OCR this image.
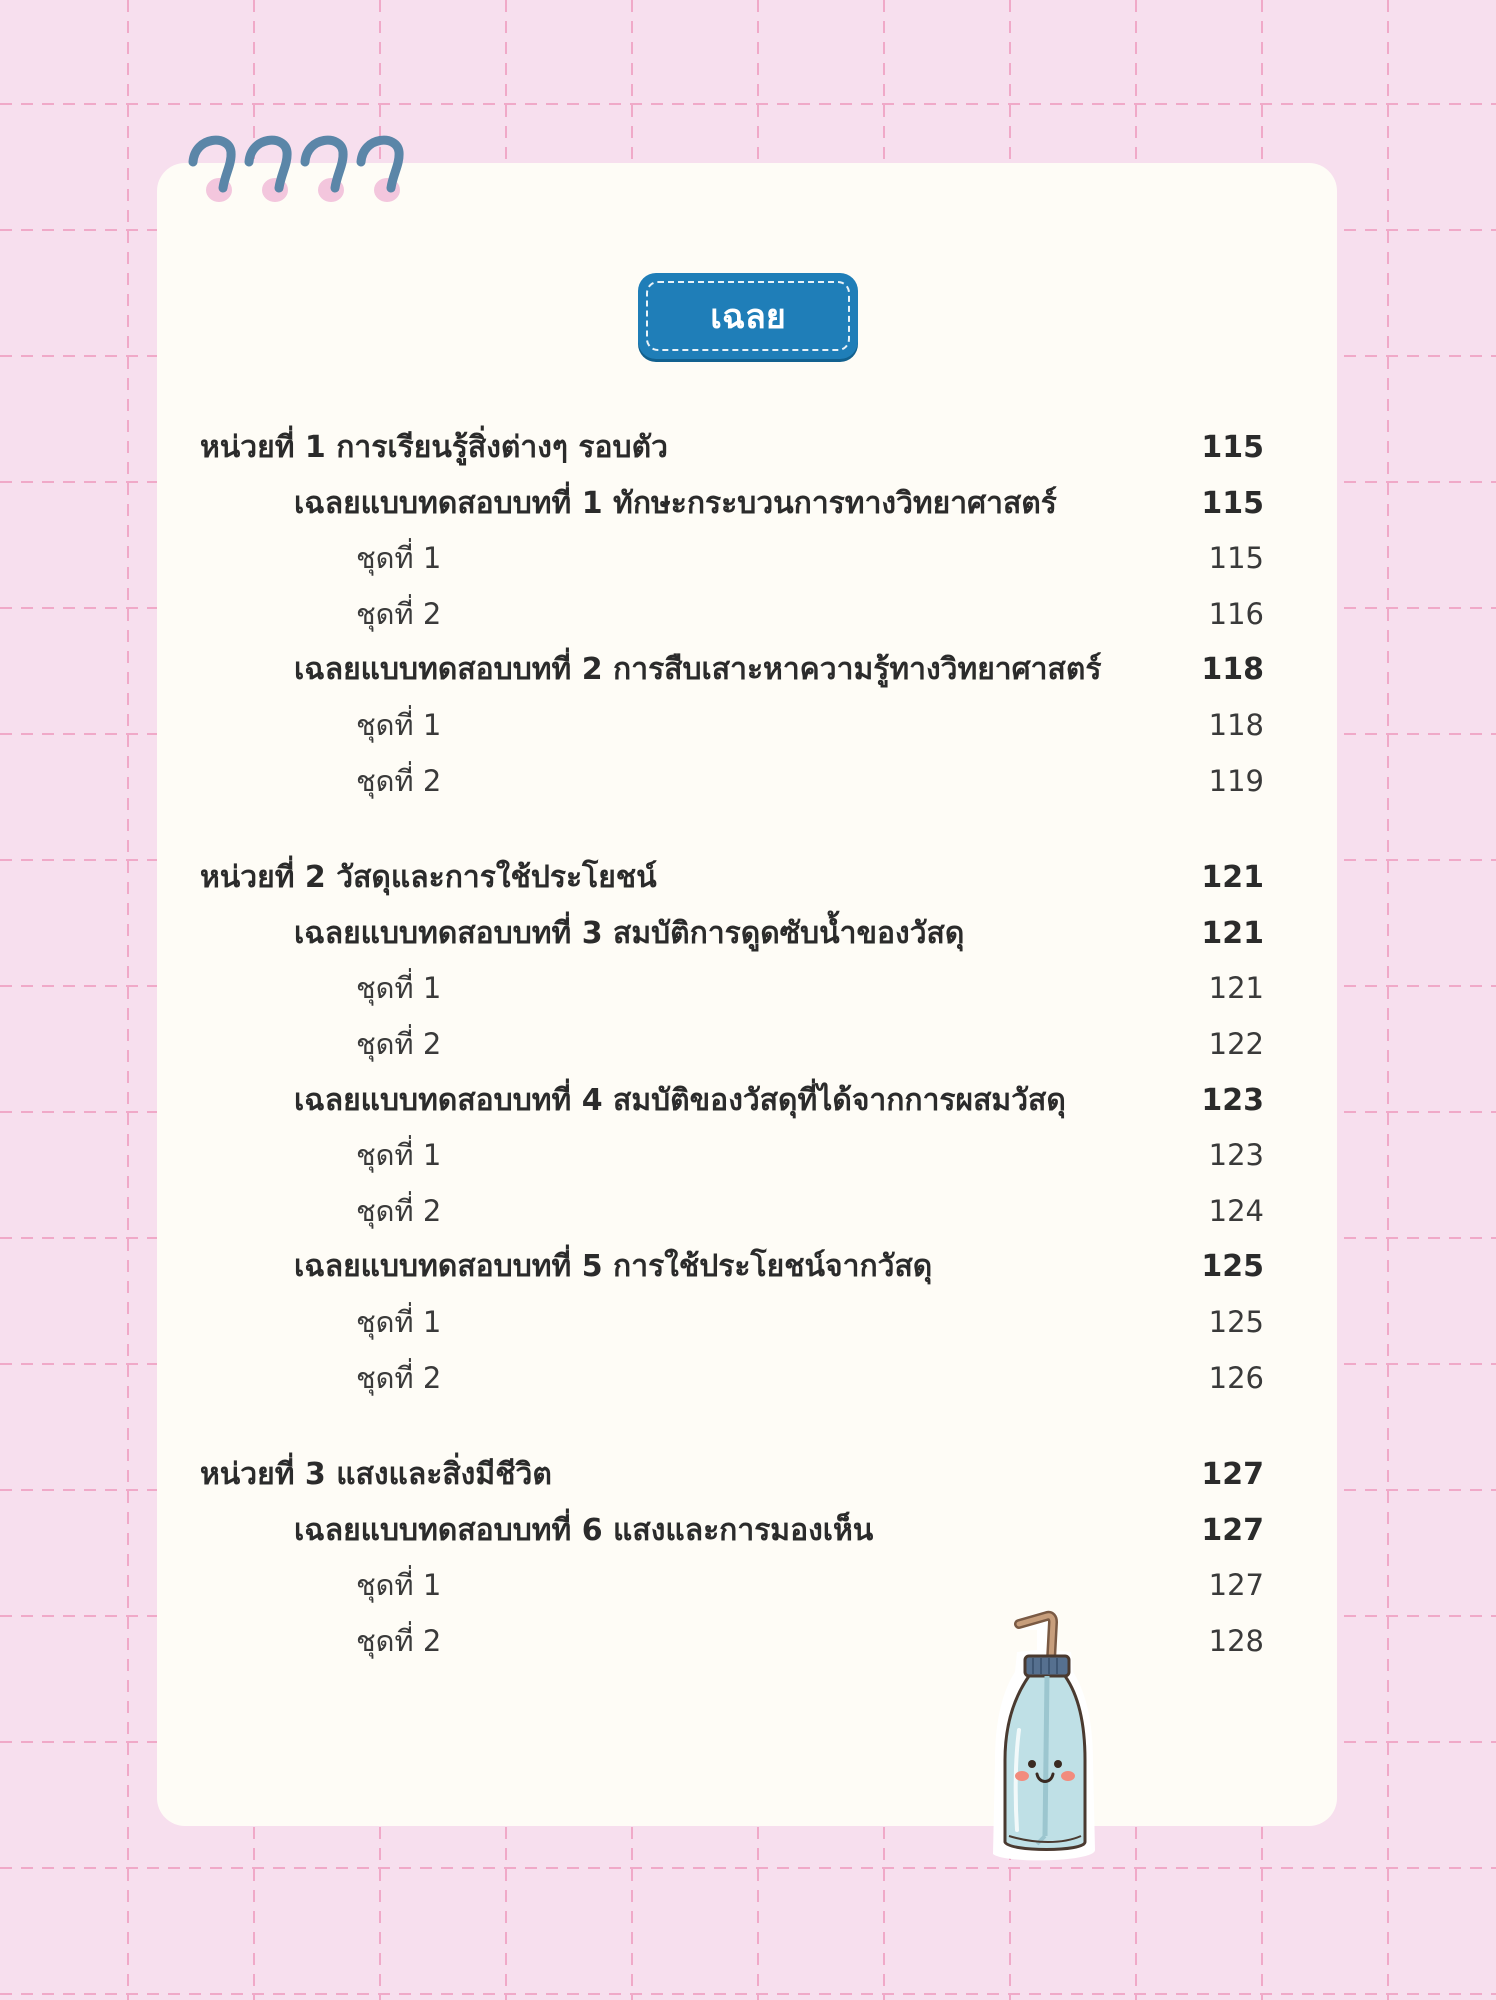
เฉลย
หน่วยที่ 1 การเรียนรู้สิ่งต่างๆ รอบตัว	115
เฉลยแบบทดสอบบทที่ 1 ทักษะกระบวนการทางวิทยาศาสตร์	115
ชุดที่ 1	115
ชุดที่ 2	116
เฉลยแบบทดสอบบทที่ 2 การสืบเสาะหาความรู้ทางวิทยาศาสตร์	118
ชุดที่ 1	118
ชุดที่ 2	119
หน่วยที่ 2 วัสดุและการใช้ประโยชน์	121
เฉลยแบบทดสอบบทที่ 3 สมบัติการดูดซับน้ำของวัสดุ	121
ชุดที่ 1	121
ชุดที่ 2	122
เฉลยแบบทดสอบบทที่ 4 สมบัติของวัสดุที่ได้จากการผสมวัสดุ	123
ชุดที่ 1	123
ชุดที่ 2	124
เฉลยแบบทดสอบบทที่ 5 การใช้ประโยชน์จากวัสดุ	125
ชุดที่ 1	125
ชุดที่ 2	126
หน่วยที่ 3 แสงและสิ่งมีชีวิต	127
เฉลยแบบทดสอบบทที่ 6 แสงและการมองเห็น	127
ชุดที่ 1	127
ชุดที่ 2	128
